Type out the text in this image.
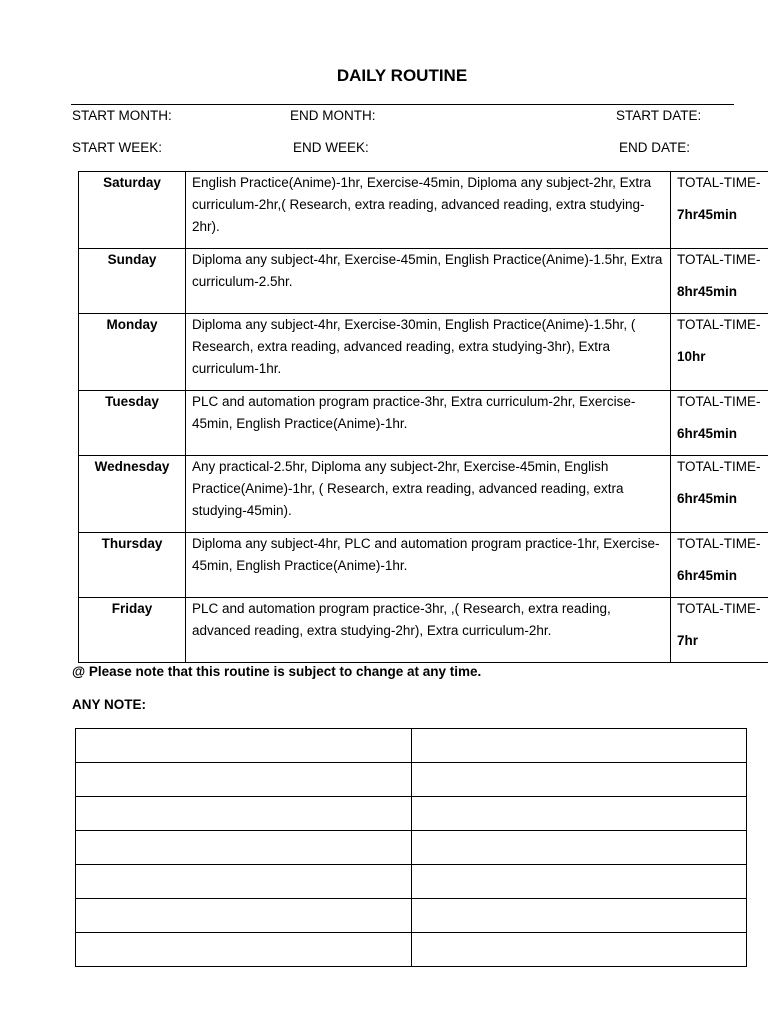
DAILY ROUTINE
START MONTH:	END MONTH:	START DATE:
START WEEK:	END WEEK:	END DATE:
Saturday	English Practice(Anime)-1hr, Exercise-45min, Diploma any subject-2hr, Extra curriculum-2hr,( Research, extra reading, advanced reading, extra studying-2hr).	TOTAL-TIME-
7hr45min

Sunday	Diploma any subject-4hr, Exercise-45min, English Practice(Anime)-1.5hr, Extra curriculum-2.5hr.	TOTAL-TIME-
8hr45min

Monday	Diploma any subject-4hr, Exercise-30min, English Practice(Anime)-1.5hr, ( Research, extra reading, advanced reading, extra studying-3hr), Extra curriculum-1hr.	TOTAL-TIME-
10hr

Tuesday	PLC and automation program practice-3hr, Extra curriculum-2hr, Exercise-45min, English Practice(Anime)-1hr.	TOTAL-TIME-
6hr45min

Wednesday	Any practical-2.5hr, Diploma any subject-2hr, Exercise-45min, English Practice(Anime)-1hr, ( Research, extra reading, advanced reading, extra studying-45min).	TOTAL-TIME-
6hr45min

Thursday	Diploma any subject-4hr, PLC and automation program practice-1hr, Exercise-45min, English Practice(Anime)-1hr.	TOTAL-TIME-
6hr45min

Friday	PLC and automation program practice-3hr, ,( Research, extra reading, advanced reading, extra studying-2hr), Extra curriculum-2hr.	TOTAL-TIME-
7hr
@ Please note that this routine is subject to change at any time.
ANY NOTE:
